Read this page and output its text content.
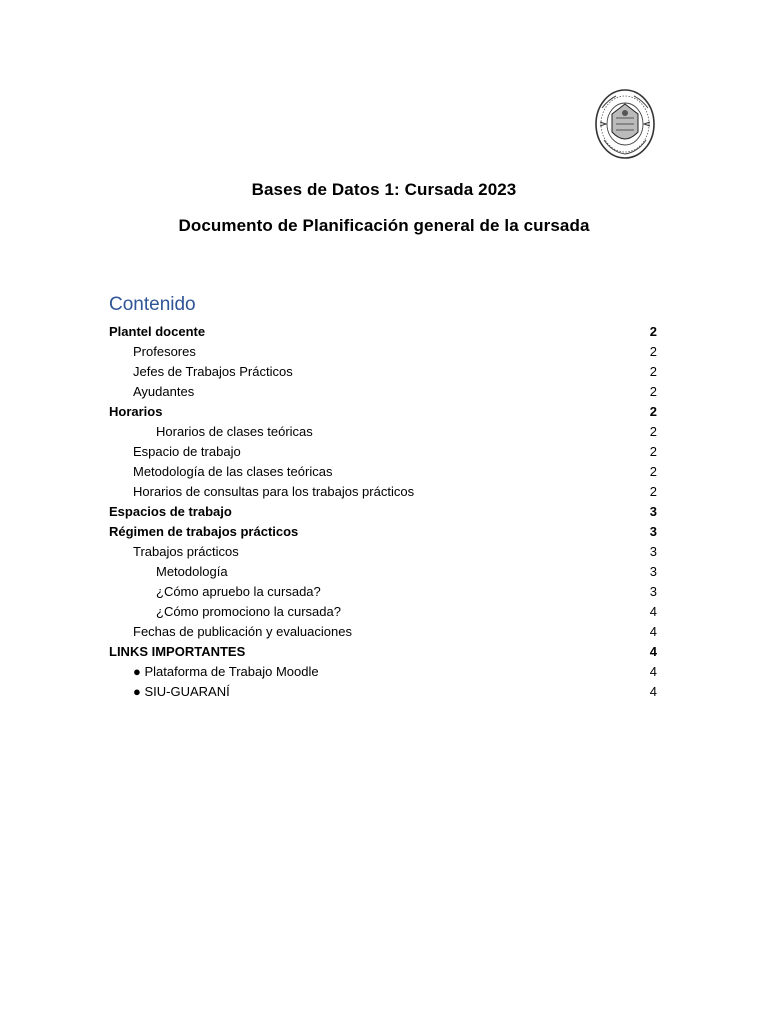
Bases de Datos 1: Cursada 2023
Documento de Planificación general de la cursada
Contenido
Plantel docente	2
Profesores	2
Jefes de Trabajos Prácticos	2
Ayudantes	2
Horarios	2
Horarios de clases teóricas	2
Espacio de trabajo	2
Metodología de las clases teóricas	2
Horarios de consultas para los trabajos prácticos	2
Espacios de trabajo	3
Régimen de trabajos prácticos	3
Trabajos prácticos	3
Metodología	3
¿Cómo apruebo la cursada?	3
¿Cómo promociono la cursada?	4
Fechas de publicación y evaluaciones	4
LINKS IMPORTANTES	4
● Plataforma de Trabajo Moodle	4
● SIU-GUARANÍ	4
